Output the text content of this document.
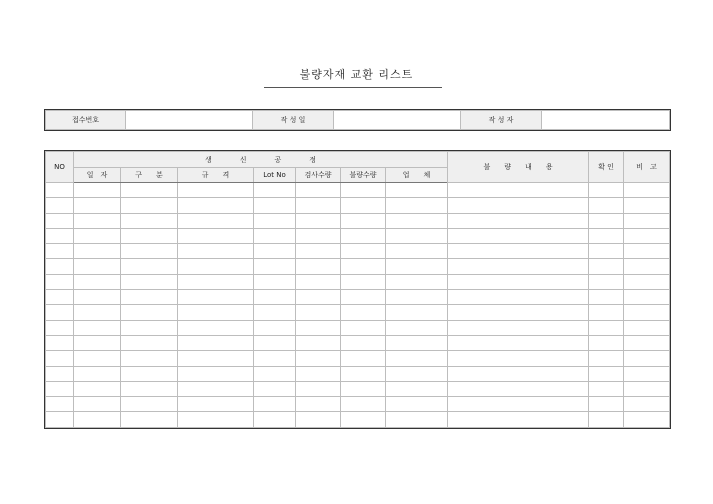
불량자재 교환 리스트
접수번호		작 성 일		작 성 자	
NO	생　　　　신　　　　공　　　　정							불　　량　　내　　용	확 인	비　고
	일　자	구　　분	규　　격	Lot No	검사수량	불량수량	업　　체			
